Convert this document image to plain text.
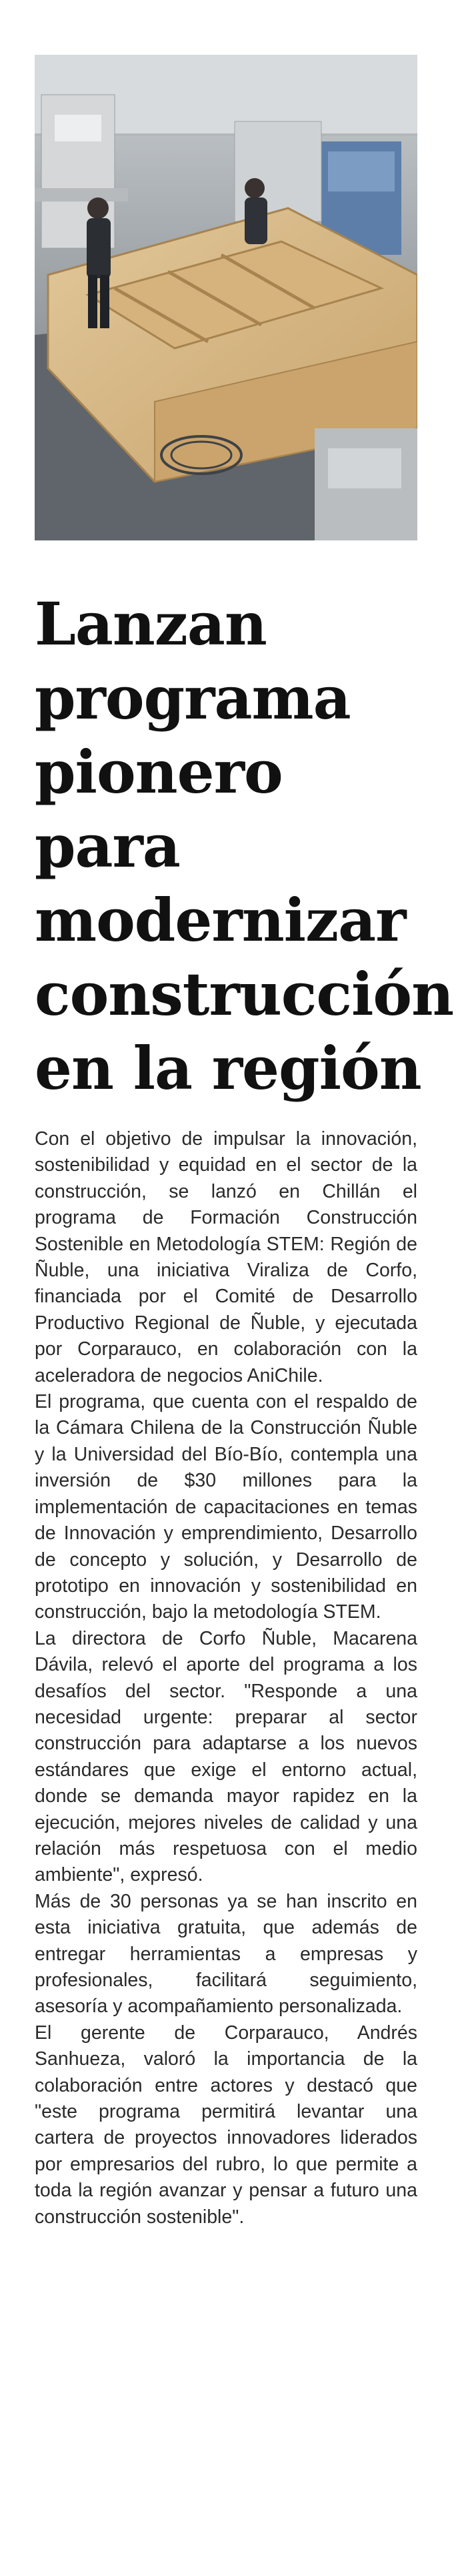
Lanzan
programa
pionero
para
modernizar
construcción
en la región

Con el objetivo de impulsar la innovación, sostenibilidad y equidad en el sector de la construcción, se lanzó en Chillán el programa de Formación Construcción Sostenible en Metodología STEM: Región de Ñuble, una iniciativa Viraliza de Corfo, financiada por el Comité de Desarrollo Productivo Regional de Ñuble, y ejecutada por Corparauco, en colaboración con la aceleradora de negocios AniChile.

El programa, que cuenta con el respaldo de la Cámara Chilena de la Construcción Ñuble y la Universidad del Bío-Bío, contempla una inversión de $30 millones para la implementación de capacitaciones en temas de Innovación y emprendimiento, Desarrollo de concepto y solución, y Desarrollo de prototipo en innovación y sostenibilidad en construcción, bajo la metodología STEM.

La directora de Corfo Ñuble, Macarena Dávila, relevó el aporte del programa a los desafíos del sector. "Responde a una necesidad urgente: preparar al sector construcción para adaptarse a los nuevos estándares que exige el entorno actual, donde se demanda mayor rapidez en la ejecución, mejores niveles de calidad y una relación más respetuosa con el medio ambiente", expresó.

Más de 30 personas ya se han inscrito en esta iniciativa gratuita, que además de entregar herramientas a empresas y profesionales, facilitará seguimiento, asesoría y acompañamiento personalizada.

El gerente de Corparauco, Andrés Sanhueza, valoró la importancia de la colaboración entre actores y destacó que "este programa permitirá levantar una cartera de proyectos innovadores liderados por empresarios del rubro, lo que permite a toda la región avanzar y pensar a futuro una construcción sostenible".
